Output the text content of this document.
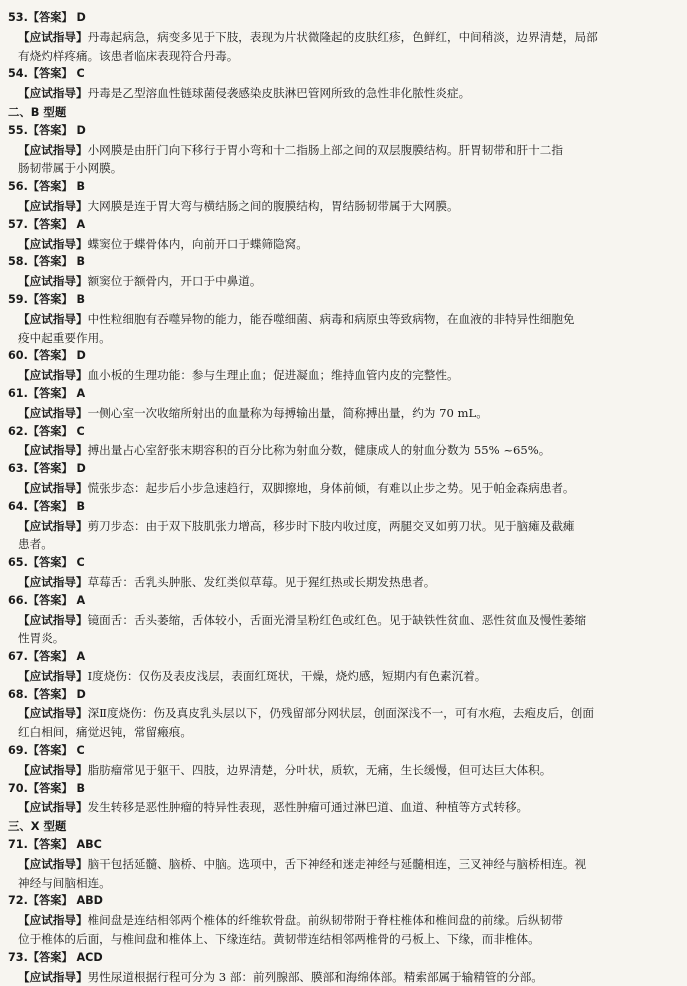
53.【答案】 D
【应试指导】丹毒起病急，病变多见于下肢，表现为片状微隆起的皮肤红疹，色鲜红，中间稍淡，边界清楚，局部
有烧灼样疼痛。该患者临床表现符合丹毒。
54.【答案】 C
【应试指导】丹毒是乙型溶血性链球菌侵袭感染皮肤淋巴管网所致的急性非化脓性炎症。
二、B 型题
55.【答案】 D
【应试指导】小网膜是由肝门向下移行于胃小弯和十二指肠上部之间的双层腹膜结构。肝胃韧带和肝十二指
肠韧带属于小网膜。
56.【答案】 B
【应试指导】大网膜是连于胃大弯与横结肠之间的腹膜结构，胃结肠韧带属于大网膜。
57.【答案】 A
【应试指导】蝶窦位于蝶骨体内，向前开口于蝶筛隐窝。
58.【答案】 B
【应试指导】额窦位于额骨内，开口于中鼻道。
59.【答案】 B
【应试指导】中性粒细胞有吞噬异物的能力，能吞噬细菌、病毒和病原虫等致病物，在血液的非特异性细胞免
疫中起重要作用。
60.【答案】 D
【应试指导】血小板的生理功能：参与生理止血；促进凝血；维持血管内皮的完整性。
61.【答案】 A
【应试指导】一侧心室一次收缩所射出的血量称为每搏输出量，简称搏出量，约为 70 mL。
62.【答案】 C
【应试指导】搏出量占心室舒张末期容积的百分比称为射血分数，健康成人的射血分数为 55% ~65%。
63.【答案】 D
【应试指导】慌张步态：起步后小步急速趋行，双脚擦地，身体前倾，有难以止步之势。见于帕金森病患者。
64.【答案】 B
【应试指导】剪刀步态：由于双下肢肌张力增高，移步时下肢内收过度，两腿交叉如剪刀状。见于脑瘫及截瘫
患者。
65.【答案】 C
【应试指导】草莓舌：舌乳头肿胀、发红类似草莓。见于猩红热或长期发热患者。
66.【答案】 A
【应试指导】镜面舌：舌头萎缩，舌体较小，舌面光滑呈粉红色或红色。见于缺铁性贫血、恶性贫血及慢性萎缩
性胃炎。
67.【答案】 A
【应试指导】Ⅰ度烧伤：仅伤及表皮浅层，表面红斑状，干燥，烧灼感，短期内有色素沉着。
68.【答案】 D
【应试指导】深Ⅱ度烧伤：伤及真皮乳头层以下，仍残留部分网状层，创面深浅不一，可有水疱，去疱皮后，创面
红白相间，痛觉迟钝，常留瘢痕。
69.【答案】 C
【应试指导】脂肪瘤常见于躯干、四肢，边界清楚，分叶状，质软，无痛，生长缓慢，但可达巨大体积。
70.【答案】 B
【应试指导】发生转移是恶性肿瘤的特异性表现，恶性肿瘤可通过淋巴道、血道、种植等方式转移。
三、X 型题
71.【答案】 ABC
【应试指导】脑干包括延髓、脑桥、中脑。选项中，舌下神经和迷走神经与延髓相连，三叉神经与脑桥相连。视
神经与间脑相连。
72.【答案】 ABD
【应试指导】椎间盘是连结相邻两个椎体的纤维软骨盘。前纵韧带附于脊柱椎体和椎间盘的前缘。后纵韧带
位于椎体的后面，与椎间盘和椎体上、下缘连结。黄韧带连结相邻两椎骨的弓板上、下缘，而非椎体。
73.【答案】 ACD
【应试指导】男性尿道根据行程可分为 3 部：前列腺部、膜部和海绵体部。精索部属于输精管的分部。
